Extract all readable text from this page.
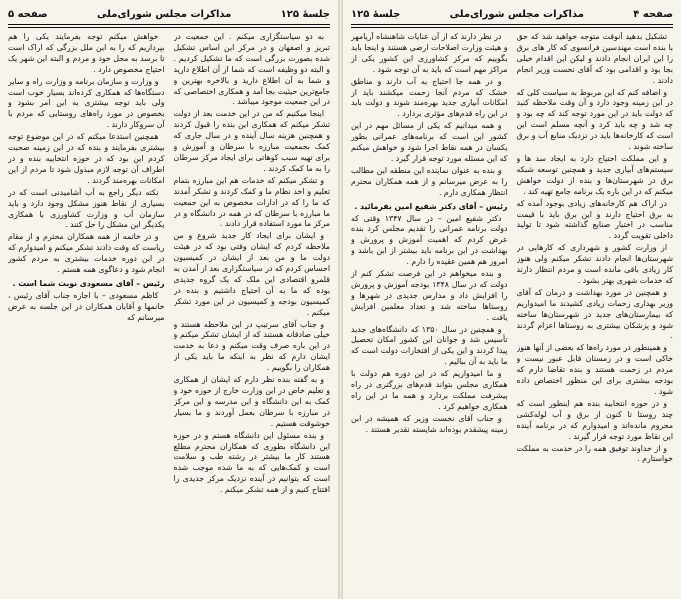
جلسهٔ ۱۲۵
مذاکرات مجلس شورای‌ملی
صفحه ۵

به دو سیاستگزاری میکنم . این جمعیت در تبریز و اصفهان و در مرکز این اساس تشکیل شده بصورت بزرگی است که ما تشکیل کردیم . و البته دو وظیفه است که شما از آن اطلاع دارید و شما به آن اطلاع دارید و بالاخره بهترین و جامع‌ترین حیثیت بجا آمد و همکاری اختصاصی که در این جمعیت موجود میباشد .

اینجا میکنیم که من در این خدمت بعد از دولت تشکر میکنم که همکاری این بنده را قبول کردند و همچنین هزینه سال آینده و در سال جاری که کمک بجمعیت مبارزه با سرطان و آموزش و برای تهیه سبب کوهاتی برای ایجاد مرکز سرطان را به ما کمک کردند .

و تشکر میکنم که خدمات هم این مبارزه بتمام تعلیم و اخذ نظام ما و کمک کردند و تشکر آمدند که ما را که در ادارات مخصوص به این جمعیت ما مبارزه با سرطان که در همه در دانشگاه و در مرکز ما مورد استفاده قرار دادند .

و ایشان برای ایجاد کار جدید شروع و من ملاحظه کردم که ایشان وقتی بود که در هیئت دولت ما و من بعد از ایشان در کمیسیون احساس کردم که در سیاستگزاری بعد از آمدن به قلمرو اقتصادی این ملک که یک گروه جدیدی بوده که ما به آن احتیاج داشتیم و بنده در کمیسیون بودجه و کمیسیون در این مورد تشکر میکنم .

و جناب آقای سرتیپ در این ملاحظه هستند و خیلی صادقانه هستند که از ایشان تشکر میکنم و در این باره صرف وقت میکنم و دعا به خدمت ایشان دارم که نظر به اینکه ما باید یکی از همکاران را بگوییم .

و به گفته بنده نظر دارم که ایشان از همکاری و تعلیم خاص در این وزارت خارج از حوزه خود و کمک به این دانشگاه و این مدرسه و این مرکز در مبارزه با سرطان بعمل آوردند و ما بسیار خوشوقت هستیم .

و بنده مسئول این دانشگاه هستم و در حوزه این دانشگاه بطوری که همکاران محترم مطلع هستند کار ما بیشتر در رشته طب و سلامت است و کمک‌هایی که به ما شده موجب شده است که بتوانیم در آینده نزدیک مرکز جدیدی را افتتاح کنیم و از همه تشکر میکنم .

خواهش میکنم توجه بفرمایند یکی را هم بپردازیم که را به این ملل بزرگی که اراک است تا برسد به محل خود و مردم و البته این شهر یک احتیاج مخصوص دارد .

و وزارت و سازمان برنامه و وزارت راه و سایر دستگاه‌ها که همکاری کرده‌اند بسیار خوب است ولی باید توجه بیشتری به این امر بشود و بخصوص در مورد راه‌های روستایی که مردم با آن سروکار دارند .

همچنین استدعا میکنم که در این موضوع توجه بیشتری بفرمایند و بنده که در این زمینه صحبت کردم این بود که در حوزه انتخابیه بنده و در اطراف آن توجه لازم مبذول شود تا مردم از این امکانات بهره‌مند گردند .

نکته دیگر راجع به آب آشامیدنی است که در بسیاری از نقاط هنوز مشکل وجود دارد و باید سازمان آب و وزارت کشاورزی با همکاری یکدیگر این مشکل را حل کنند .

و در خاتمه از همه همکاران محترم و از مقام ریاست که وقت دادند تشکر میکنم و امیدوارم که در این دوره خدمات بیشتری به مردم کشور انجام شود و دعاگوی همه هستم .

رئیس – آقای مسعودی نوبت شما است .

کاظم مسعودی – با اجازه جناب آقای رئیس ، خانمها و آقایان همکاران در این جلسه به عرض میرسانم که

صفحه ۴
مذاکرات مجلس شورای‌ملی
جلسهٔ ۱۲۵

تشکیل بدهید آنوقت متوجه خواهید شد که حق با بنده است مهندسین فرانسوی که کار های برق را این ایران انجام دادند و لیکن این اقدام خیلی بجا بود و اقدامی بود که آقای نخست وزیر انجام دادند .

و اضافه کنم که این مربوط به سیاست کلی که در این زمینه وجود دارد و آن وقت ملاحظه کنید که دولت باید در این مورد توجه کند که چه بود و چه شد و چه باید کرد و آنچه مسلم است این است که کارخانه‌ها باید در نزدیک منابع آب و برق ساخته شوند .

و این مملکت احتیاج دارد به ایجاد سد ها و سیستم‌های آبیاری جدید و همچنین توسعه شبکه برق در شهرستان‌ها و بنده از دولت خواهش میکنم که در این باره یک برنامه جامع تهیه کند .

در اراک هم کارخانه‌های زیادی بوجود آمده که به برق احتیاج دارند و این برق باید با قیمت مناسب در اختیار صنایع گذاشته شود تا تولید داخلی تقویت گردد .

از وزارت کشور و شهرداری که کارهایی در شهرستان‌ها انجام دادند تشکر میکنم ولی هنوز کار زیادی باقی مانده است و مردم انتظار دارند که خدمات شهری بهتر بشود .

و همچنین در مورد بهداشت و درمان که آقای وزیر بهداری زحمات زیادی کشیدند ما امیدواریم که بیمارستان‌های جدید در شهرستان‌ها ساخته شود و پزشکان بیشتری به روستاها اعزام گردند .

و همینطور در مورد راه‌ها که بعضی از آنها هنوز خاکی است و در زمستان قابل عبور نیست و مردم در زحمت هستند و بنده تقاضا دارم که بودجه بیشتری برای این منظور اختصاص داده شود .

و در حوزه انتخابیه بنده هم اینطور است که چند روستا تا کنون از برق و آب لوله‌کشی محروم مانده‌اند و امیدوارم که در برنامه آینده این نقاط مورد توجه قرار گیرند .

و از خداوند توفیق همه را در خدمت به مملکت خواستارم .

در نظر دارند که از آن عنایات شاهنشاه آریامهر و هیئت وزارت اصلاحات ارضی هستند و اینجا باید بگوییم که مرکز کشاورزی این کشور یکی از مراکز مهم است که باید به آن توجه شود .

و در همه جا احتیاج به آب دارند و مناطق خشک که مردم آنجا زحمت میکشند باید از امکانات آبیاری جدید بهره‌مند شوند و دولت باید در این راه قدم‌های مؤثری بردارد .

و همه میدانیم که یکی از مسائل مهم در این کشور این است که برنامه‌های عمرانی بطور یکسان در همه نقاط اجرا شود و خواهش میکنم که این مسئله مورد توجه قرار گیرد .

و بنده به عنوان نماینده این منطقه این مطالب را به عرض میرسانم و از همه همکاران محترم انتظار همکاری دارم .

رئیس – آقای دکتر شفیع امین بفرمائید .

دکتر شفیع امین – در سال ۱۳۴۷ وقتی که دولت برنامه عمرانی را تقدیم مجلس کرد بنده عرض کردم که اهمیت آموزش و پرورش و بهداشت در این برنامه باید بیشتر از این باشد و امروز هم همین عقیده را دارم .

و بنده میخواهم در این فرصت تشکر کنم از دولت که در سال ۱۳۴۸ بودجه آموزش و پرورش را افزایش داد و مدارس جدیدی در شهرها و روستاها ساخته شد و تعداد معلمین افزایش یافت .

و همچنین در سال ۱۳۵۰ که دانشگاه‌های جدید تأسیس شد و جوانان این کشور امکان تحصیل پیدا کردند و این یکی از افتخارات دولت است که ما باید به آن ببالیم .

و ما امیدواریم که در این دوره هم دولت با همکاری مجلس بتواند قدم‌های بزرگتری در راه پیشرفت مملکت بردارد و همه ما در این راه همکاری خواهیم کرد .

و جناب آقای نخست وزیر که همیشه در این زمینه پیشقدم بوده‌اند شایسته تقدیر هستند .
